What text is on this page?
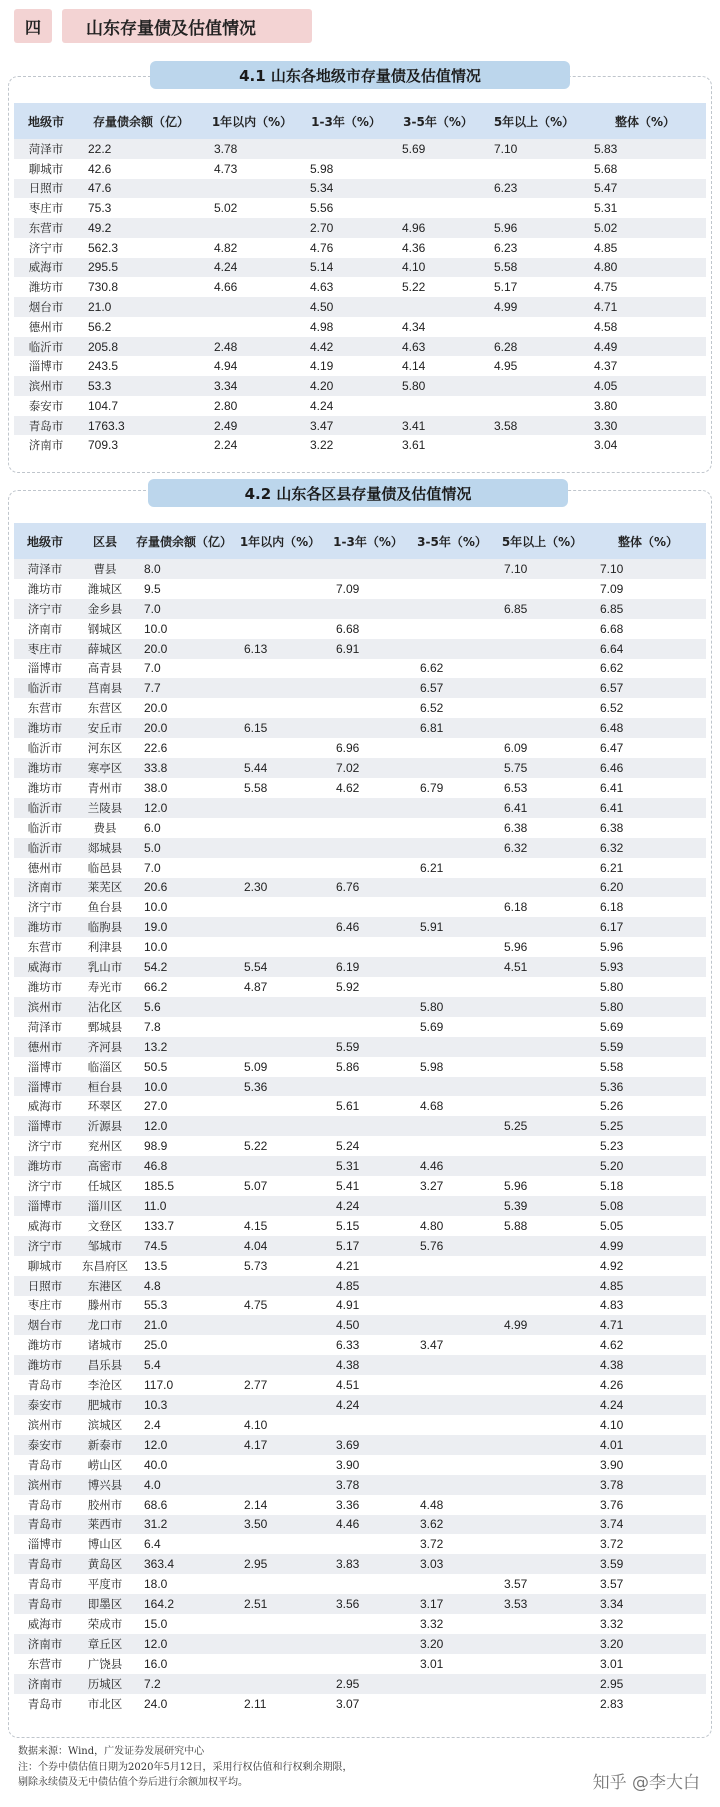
四	山东存量债及估值情况
4.1 山东各地级市存量债及估值情况
地级市	存量债余额（亿）	1年以内（%）	1-3年（%）	3-5年（%）	5年以上（%）	整体（%）
菏泽市	22.2	3.78		5.69	7.10	5.83
聊城市	42.6	4.73	5.98			5.68
日照市	47.6		5.34		6.23	5.47
枣庄市	75.3	5.02	5.56			5.31
东营市	49.2		2.70	4.96	5.96	5.02
济宁市	562.3	4.82	4.76	4.36	6.23	4.85
威海市	295.5	4.24	5.14	4.10	5.58	4.80
潍坊市	730.8	4.66	4.63	5.22	5.17	4.75
烟台市	21.0		4.50		4.99	4.71
德州市	56.2		4.98	4.34		4.58
临沂市	205.8	2.48	4.42	4.63	6.28	4.49
淄博市	243.5	4.94	4.19	4.14	4.95	4.37
滨州市	53.3	3.34	4.20	5.80		4.05
泰安市	104.7	2.80	4.24			3.80
青岛市	1763.3	2.49	3.47	3.41	3.58	3.30
济南市	709.3	2.24	3.22	3.61		3.04
4.2 山东各区县存量债及估值情况
地级市	区县	存量债余额（亿）	1年以内（%）	1-3年（%）	3-5年（%）	5年以上（%）	整体（%）
菏泽市	曹县	8.0				7.10	7.10
潍坊市	潍城区	9.5		7.09			7.09
济宁市	金乡县	7.0				6.85	6.85
济南市	钢城区	10.0		6.68			6.68
枣庄市	薛城区	20.0	6.13	6.91			6.64
淄博市	高青县	7.0			6.62		6.62
临沂市	莒南县	7.7			6.57		6.57
东营市	东营区	20.0			6.52		6.52
潍坊市	安丘市	20.0	6.15		6.81		6.48
临沂市	河东区	22.6		6.96		6.09	6.47
潍坊市	寒亭区	33.8	5.44	7.02		5.75	6.46
潍坊市	青州市	38.0	5.58	4.62	6.79	6.53	6.41
临沂市	兰陵县	12.0				6.41	6.41
临沂市	费县	6.0				6.38	6.38
临沂市	郯城县	5.0				6.32	6.32
德州市	临邑县	7.0			6.21		6.21
济南市	莱芜区	20.6	2.30	6.76			6.20
济宁市	鱼台县	10.0				6.18	6.18
潍坊市	临朐县	19.0		6.46	5.91		6.17
东营市	利津县	10.0				5.96	5.96
威海市	乳山市	54.2	5.54	6.19		4.51	5.93
潍坊市	寿光市	66.2	4.87	5.92			5.80
滨州市	沾化区	5.6			5.80		5.80
菏泽市	鄄城县	7.8			5.69		5.69
德州市	齐河县	13.2		5.59			5.59
淄博市	临淄区	50.5	5.09	5.86	5.98		5.58
淄博市	桓台县	10.0	5.36				5.36
威海市	环翠区	27.0		5.61	4.68		5.26
淄博市	沂源县	12.0				5.25	5.25
济宁市	兖州区	98.9	5.22	5.24			5.23
潍坊市	高密市	46.8		5.31	4.46		5.20
济宁市	任城区	185.5	5.07	5.41	3.27	5.96	5.18
淄博市	淄川区	11.0		4.24		5.39	5.08
威海市	文登区	133.7	4.15	5.15	4.80	5.88	5.05
济宁市	邹城市	74.5	4.04	5.17	5.76		4.99
聊城市	东昌府区	13.5	5.73	4.21			4.92
日照市	东港区	4.8		4.85			4.85
枣庄市	滕州市	55.3	4.75	4.91			4.83
烟台市	龙口市	21.0		4.50		4.99	4.71
潍坊市	诸城市	25.0		6.33	3.47		4.62
潍坊市	昌乐县	5.4		4.38			4.38
青岛市	李沧区	117.0	2.77	4.51			4.26
泰安市	肥城市	10.3		4.24			4.24
滨州市	滨城区	2.4	4.10				4.10
泰安市	新泰市	12.0	4.17	3.69			4.01
青岛市	崂山区	40.0		3.90			3.90
滨州市	博兴县	4.0		3.78			3.78
青岛市	胶州市	68.6	2.14	3.36	4.48		3.76
青岛市	莱西市	31.2	3.50	4.46	3.62		3.74
淄博市	博山区	6.4			3.72		3.72
青岛市	黄岛区	363.4	2.95	3.83	3.03		3.59
青岛市	平度市	18.0				3.57	3.57
青岛市	即墨区	164.2	2.51	3.56	3.17	3.53	3.34
威海市	荣成市	15.0			3.32		3.32
济南市	章丘区	12.0			3.20		3.20
东营市	广饶县	16.0			3.01		3.01
济南市	历城区	7.2		2.95			2.95
青岛市	市北区	24.0	2.11	3.07			2.83
数据来源：Wind，广发证券发展研究中心
注：个券中债估值日期为2020年5月12日，采用行权估值和行权剩余期限，
剔除永续债及无中债估值个券后进行余额加权平均。	知乎 @李大白
